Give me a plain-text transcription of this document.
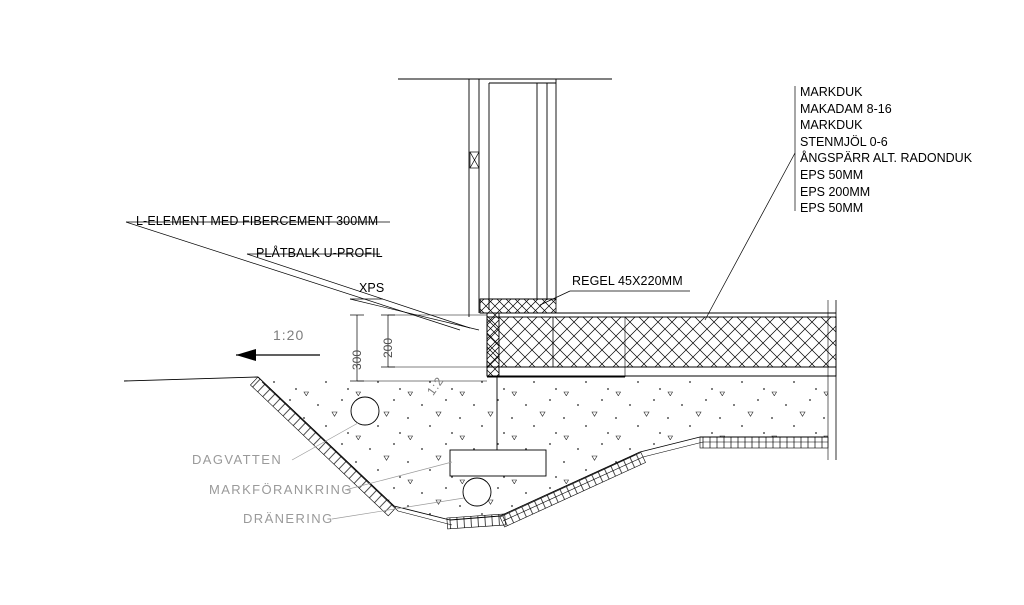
MARKDUK
MAKADAM 8-16
MARKDUK
STENMJÖL 0-6
ÅNGSPÄRR ALT. RADONDUK
EPS 50MM
EPS 200MM
EPS 50MM
L-ELEMENT MED FIBERCEMENT 300MM
PLÅTBALK U-PROFIL
XPS	REGEL 45X220MM
1:20
1:2
300
200
DAGVATTEN
MARKFÖRANKRING
DRÄNERING
